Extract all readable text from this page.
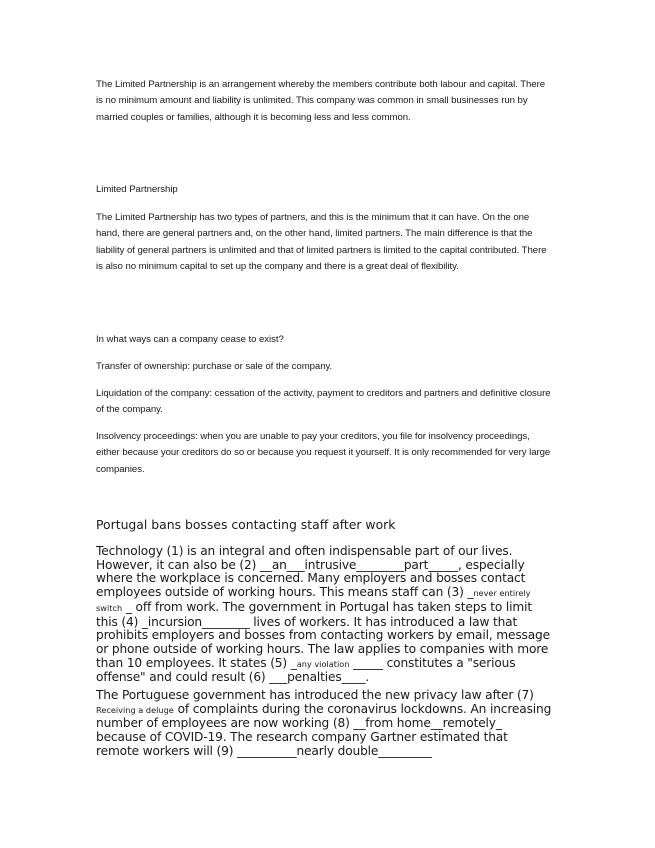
The Limited Partnership is an arrangement whereby the members contribute both labour and capital. There is no minimum amount and liability is unlimited. This company was common in small businesses run by married couples or families, although it is becoming less and less common.

Limited Partnership

The Limited Partnership has two types of partners, and this is the minimum that it can have. On the one hand, there are general partners and, on the other hand, limited partners. The main difference is that the liability of general partners is unlimited and that of limited partners is limited to the capital contributed. There is also no minimum capital to set up the company and there is a great deal of flexibility.

In what ways can a company cease to exist?

Transfer of ownership: purchase or sale of the company.

Liquidation of the company: cessation of the activity, payment to creditors and partners and definitive closure of the company.

Insolvency proceedings: when you are unable to pay your creditors, you file for insolvency proceedings, either because your creditors do so or because you request it yourself. It is only recommended for very large companies.

Portugal bans bosses contacting staff after work

Technology (1) is an integral and often indispensable part of our lives. However, it can also be (2) __an___intrusive________part_____, especially where the workplace is concerned. Many employers and bosses contact employees outside of working hours. This means staff can (3) _never entirely switch _ off from work. The government in Portugal has taken steps to limit this (4) _incursion________ lives of workers. It has introduced a law that prohibits employers and bosses from contacting workers by email, message or phone outside of working hours. The law applies to companies with more than 10 employees. It states (5) _any violation _____ constitutes a "serious offense" and could result (6) ___penalties____.

The Portuguese government has introduced the new privacy law after (7) Receiving a deluge of complaints during the coronavirus lockdowns. An increasing number of employees are now working (8) __from home__remotely_ because of COVID-19. The research company Gartner estimated that remote workers will (9) __________nearly double_________
